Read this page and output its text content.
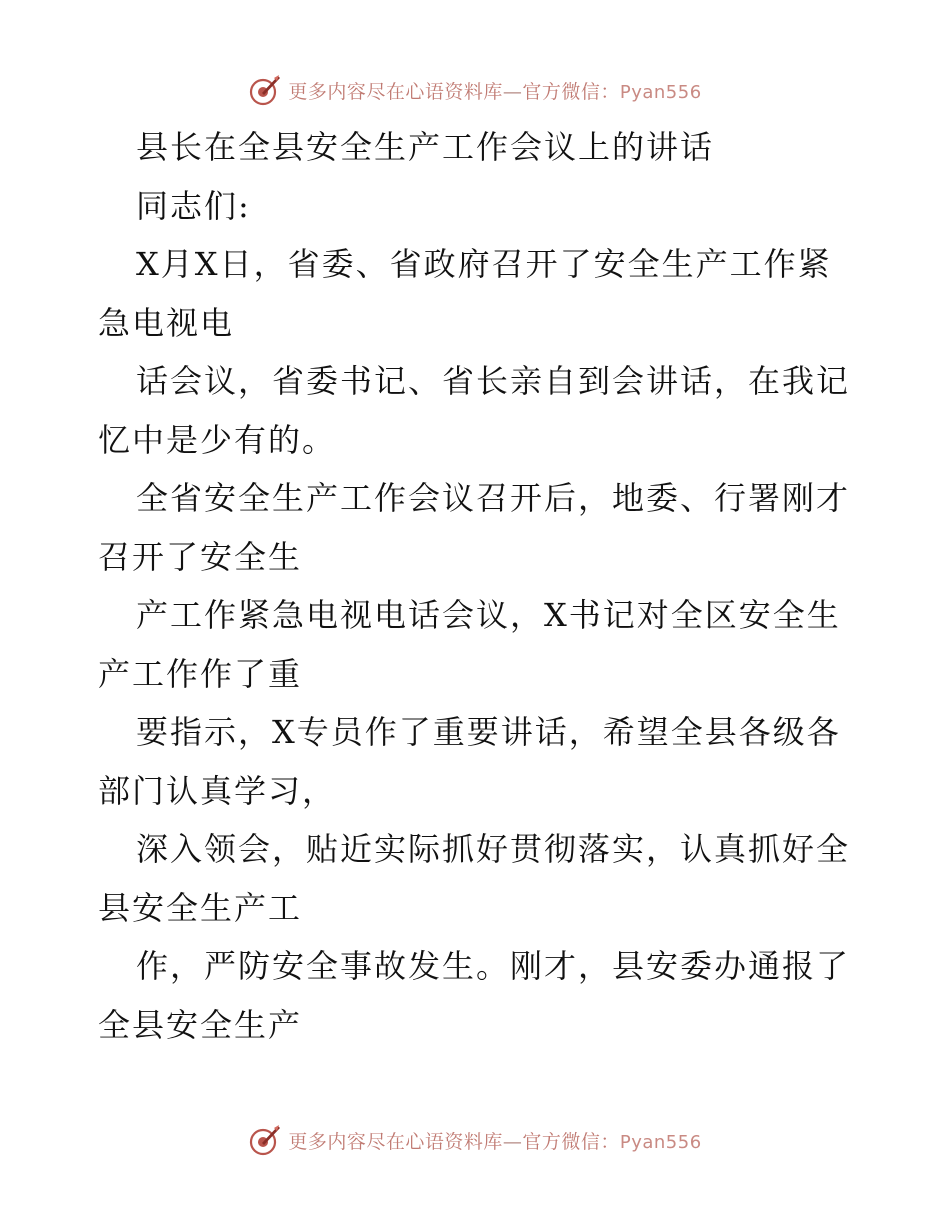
更多内容尽在心语资料库—官方微信：Pyan556
县长在全县安全生产工作会议上的讲话
同志们:
X月X日，省委、省政府召开了安全生产工作紧
急电视电
话会议，省委书记、省长亲自到会讲话，在我记
忆中是少有的。
全省安全生产工作会议召开后，地委、行署刚才
召开了安全生
产工作紧急电视电话会议，X书记对全区安全生
产工作作了重
要指示，X专员作了重要讲话，希望全县各级各
部门认真学习，
深入领会，贴近实际抓好贯彻落实，认真抓好全
县安全生产工
作，严防安全事故发生。刚才，县安委办通报了
全县安全生产
更多内容尽在心语资料库—官方微信：Pyan556
